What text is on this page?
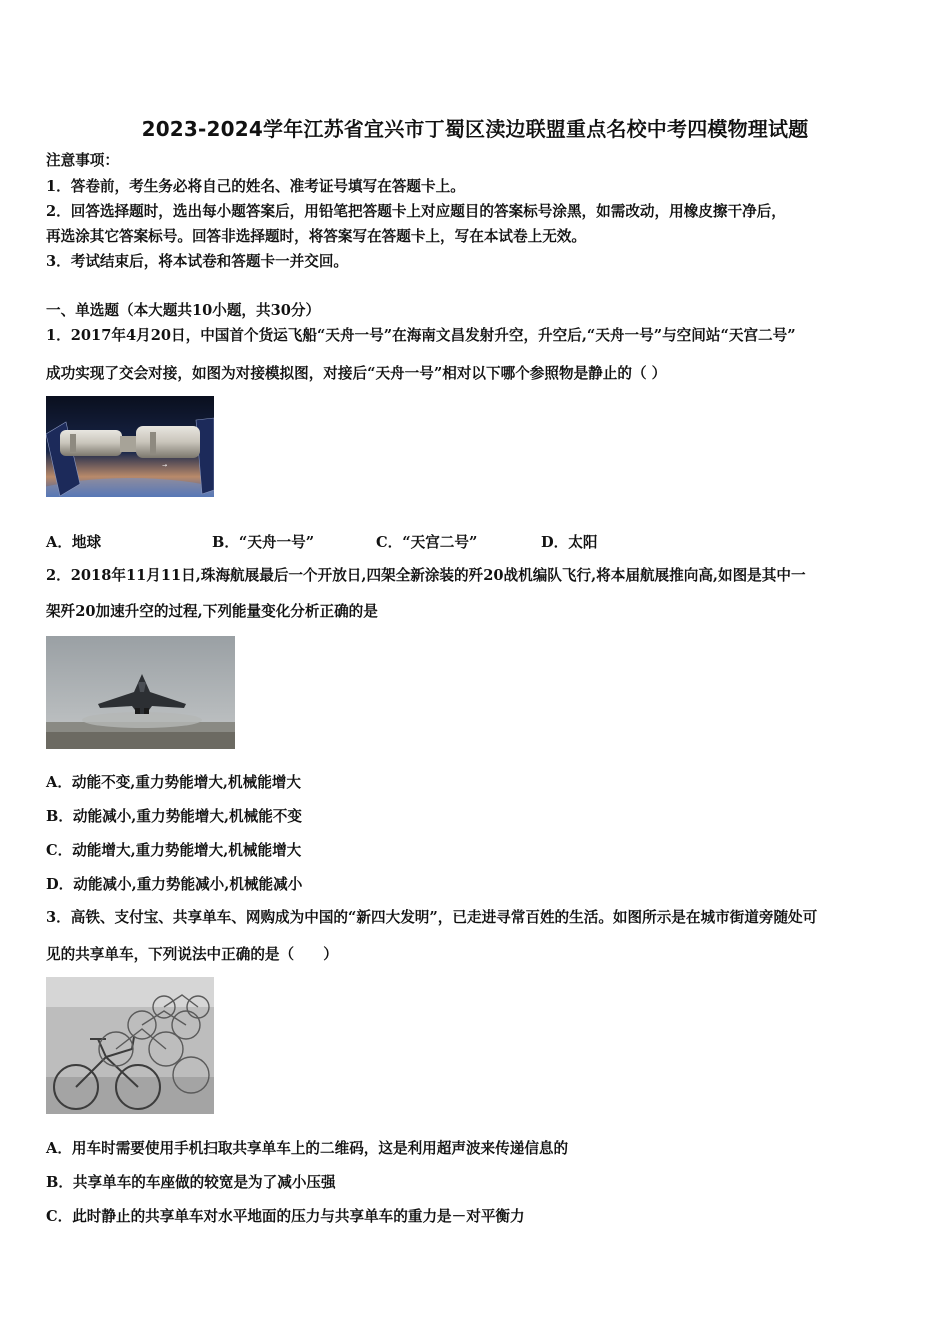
2023-2024学年江苏省宜兴市丁蜀区渎边联盟重点名校中考四模物理试题
注意事项：
1．答卷前，考生务必将自己的姓名、准考证号填写在答题卡上。
2．回答选择题时，选出每小题答案后，用铅笔把答题卡上对应题目的答案标号涂黑，如需改动，用橡皮擦干净后，
再选涂其它答案标号。回答非选择题时，将答案写在答题卡上，写在本试卷上无效。
3．考试结束后，将本试卷和答题卡一并交回。
一、单选题（本大题共10小题，共30分）
1．2017年4月20日，中国首个货运飞船“天舟一号”在海南文昌发射升空，升空后,“天舟一号”与空间站“天宫二号”
成功实现了交会对接，如图为对接模拟图，对接后“天舟一号”相对以下哪个参照物是静止的（ ）
→
A．地球	B．“天舟一号”	C．“天宫二号”	D．太阳
2．2018年11月11日,珠海航展最后一个开放日,四架全新涂装的歼20战机编队飞行,将本届航展推向高,如图是其中一
架歼20加速升空的过程,下列能量变化分析正确的是
A．动能不变,重力势能增大,机械能增大
B．动能减小,重力势能增大,机械能不变
C．动能增大,重力势能增大,机械能增大
D．动能减小,重力势能减小,机械能减小
3．高铁、支付宝、共享单车、网购成为中国的“新四大发明”，已走进寻常百姓的生活。如图所示是在城市街道旁随处可
见的共享单车，下列说法中正确的是（　　）
A．用车时需要使用手机扫取共享单车上的二维码，这是利用超声波来传递信息的
B．共享单车的车座做的较宽是为了减小压强
C．此时静止的共享单车对水平地面的压力与共享单车的重力是－对平衡力
